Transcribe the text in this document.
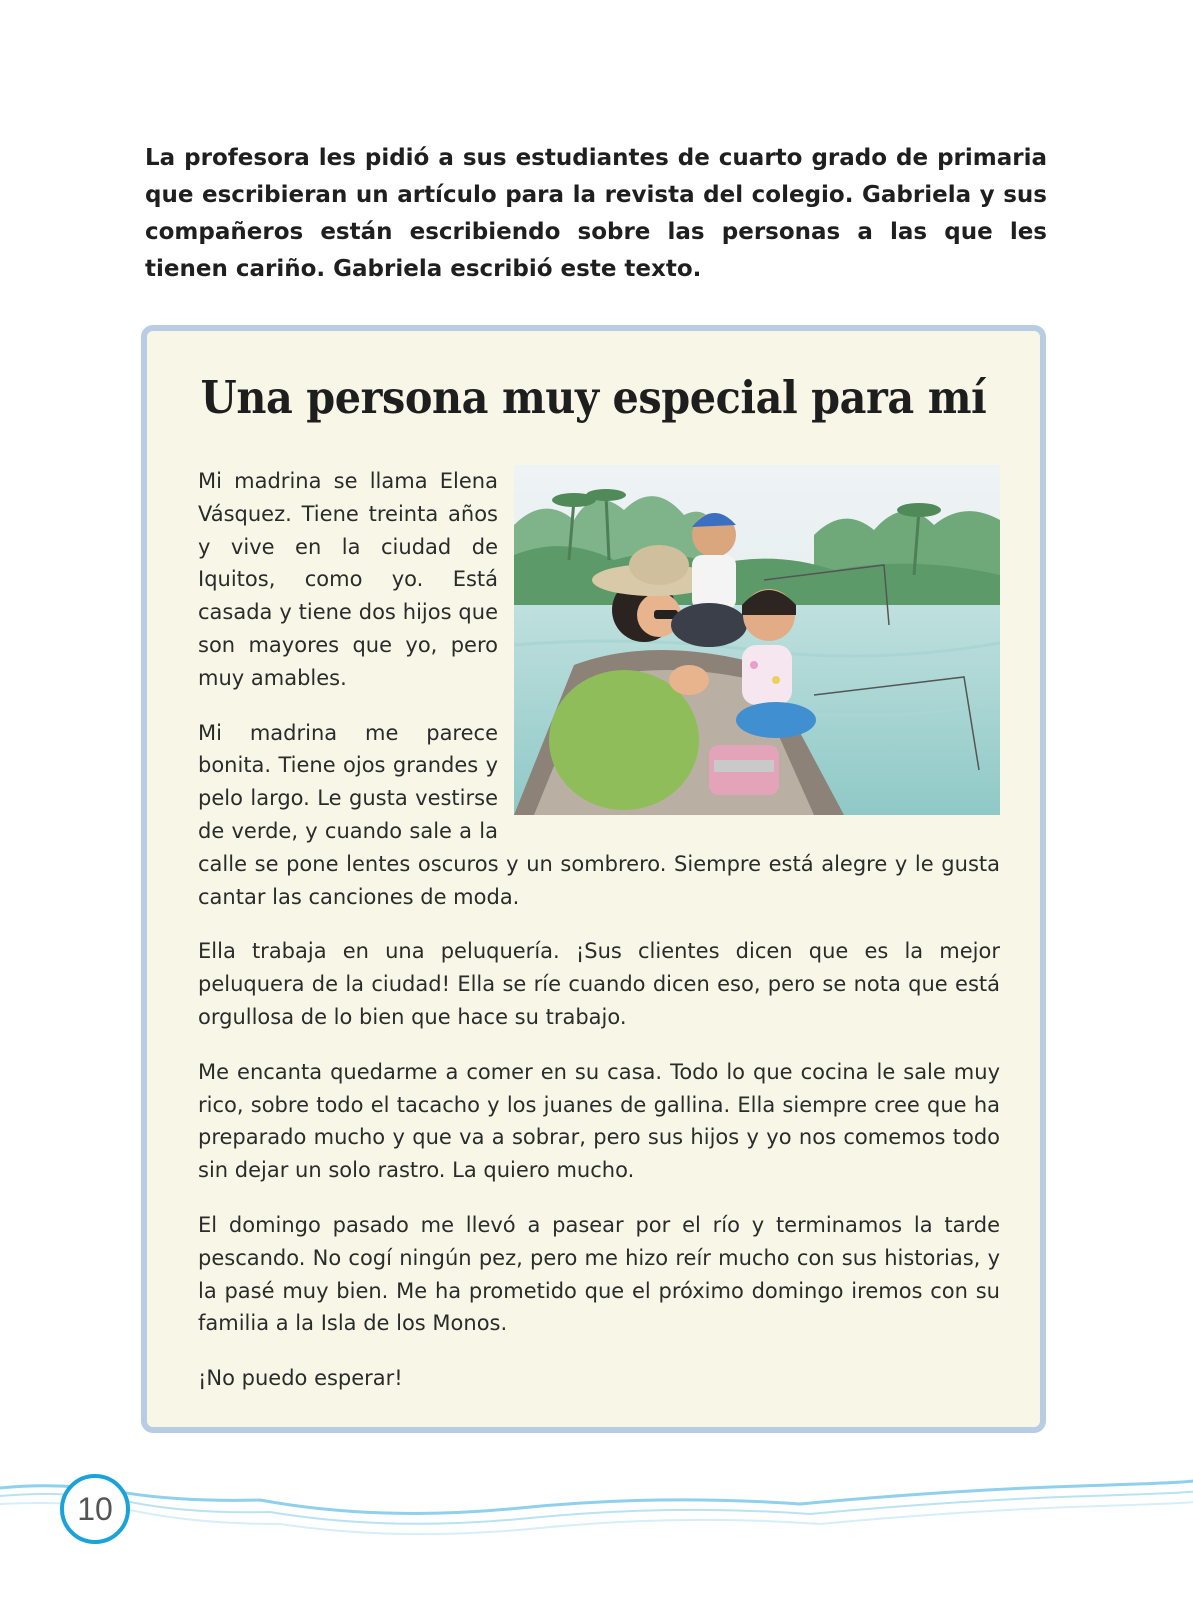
La profesora les pidió a sus estudiantes de cuarto grado de primaria que escribieran un artículo para la revista del colegio. Gabriela y sus compañeros están escribiendo sobre las personas a las que les tienen cariño. Gabriela escribió este texto.

Una persona muy especial para mí

Mi madrina se llama Elena Vásquez. Tiene treinta años y vive en la ciudad de Iquitos, como yo. Está casada y tiene dos hijos que son mayores que yo, pero muy amables.

Mi madrina me parece bonita. Tiene ojos grandes y pelo largo. Le gusta vestirse de verde, y cuando sale a la calle se pone lentes oscuros y un sombrero. Siempre está alegre y le gusta cantar las canciones de moda.

Ella trabaja en una peluquería. ¡Sus clientes dicen que es la mejor peluquera de la ciudad! Ella se ríe cuando dicen eso, pero se nota que está orgullosa de lo bien que hace su trabajo.

Me encanta quedarme a comer en su casa. Todo lo que cocina le sale muy rico, sobre todo el tacacho y los juanes de gallina. Ella siempre cree que ha preparado mucho y que va a sobrar, pero sus hijos y yo nos comemos todo sin dejar un solo rastro. La quiero mucho.

El domingo pasado me llevó a pasear por el río y terminamos la tarde pescando. No cogí ningún pez, pero me hizo reír mucho con sus historias, y la pasé muy bien. Me ha prometido que el próximo domingo iremos con su familia a la Isla de los Monos.

¡No puedo esperar!

10
